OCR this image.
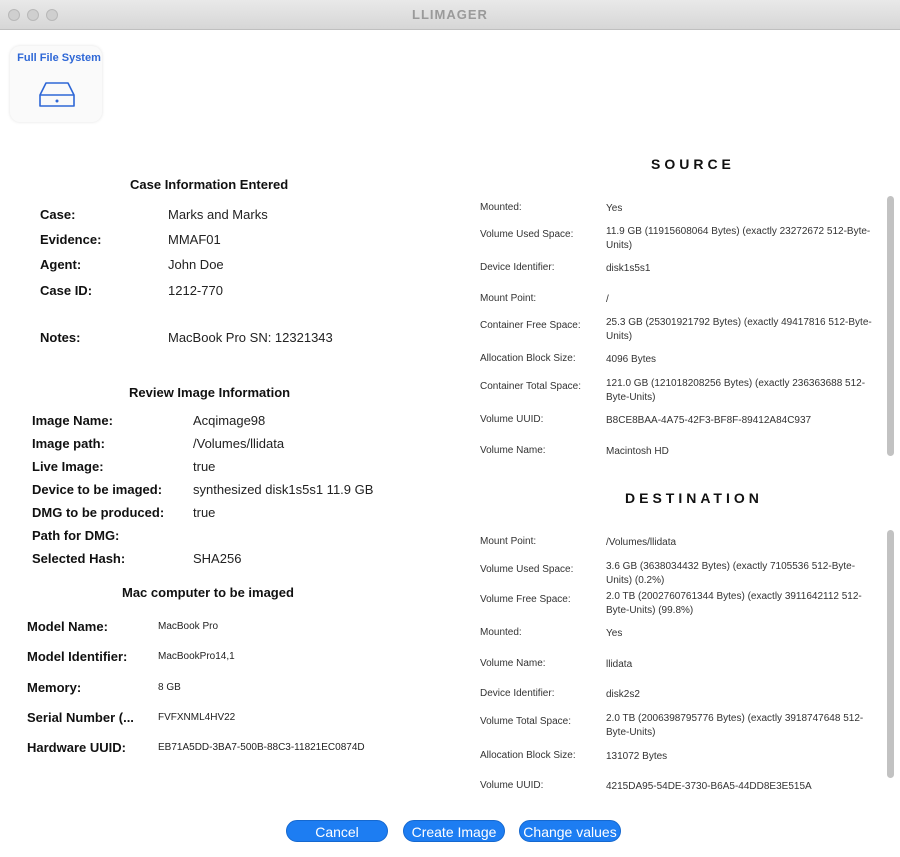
LLIMAGER
Full File System
Case Information Entered
Case:	Marks and Marks
Evidence:	MMAF01
Agent:	John Doe
Case ID:	1212-770
Notes:	MacBook Pro SN: 12321343
Review Image Information
Image Name:	Acqimage98
Image path:	/Volumes/llidata
Live Image:	true
Device to be imaged: synthesized disk1s5s1 11.9 GB
DMG to be produced: true
Path for DMG:
Selected Hash:	SHA256
Mac computer to be imaged
Model Name:	MacBook Pro
Model Identifier:	MacBookPro14,1
Memory:	8 GB
Serial Number (... FVFXNML4HV22
Hardware UUID:	EB71A5DD-3BA7-500B-88C3-11821EC0874D
SOURCE
Mounted:	Yes
Volume Used Space:	11.9 GB (11915608064 Bytes) (exactly 23272672 512-Byte-Units)
Device Identifier:	disk1s5s1
Mount Point:	/
Container Free Space:	25.3 GB (25301921792 Bytes) (exactly 49417816 512-Byte-Units)
Allocation Block Size:	4096 Bytes
Container Total Space:	121.0 GB (121018208256 Bytes) (exactly 236363688 512-Byte-Units)
Volume UUID:	B8CE8BAA-4A75-42F3-BF8F-89412A84C937
Volume Name:	Macintosh HD
DESTINATION
Mount Point:	/Volumes/llidata
Volume Used Space:	3.6 GB (3638034432 Bytes) (exactly 7105536 512-Byte-Units) (0.2%)
Volume Free Space:	2.0 TB (2002760761344 Bytes) (exactly 3911642112 512-Byte-Units) (99.8%)
Mounted:	Yes
Volume Name:	llidata
Device Identifier:	disk2s2
Volume Total Space:	2.0 TB (2006398795776 Bytes) (exactly 3918747648 512-Byte-Units)
Allocation Block Size:	131072 Bytes
Volume UUID:	4215DA95-54DE-3730-B6A5-44DD8E3E515A
Cancel	Create Image	Change values
